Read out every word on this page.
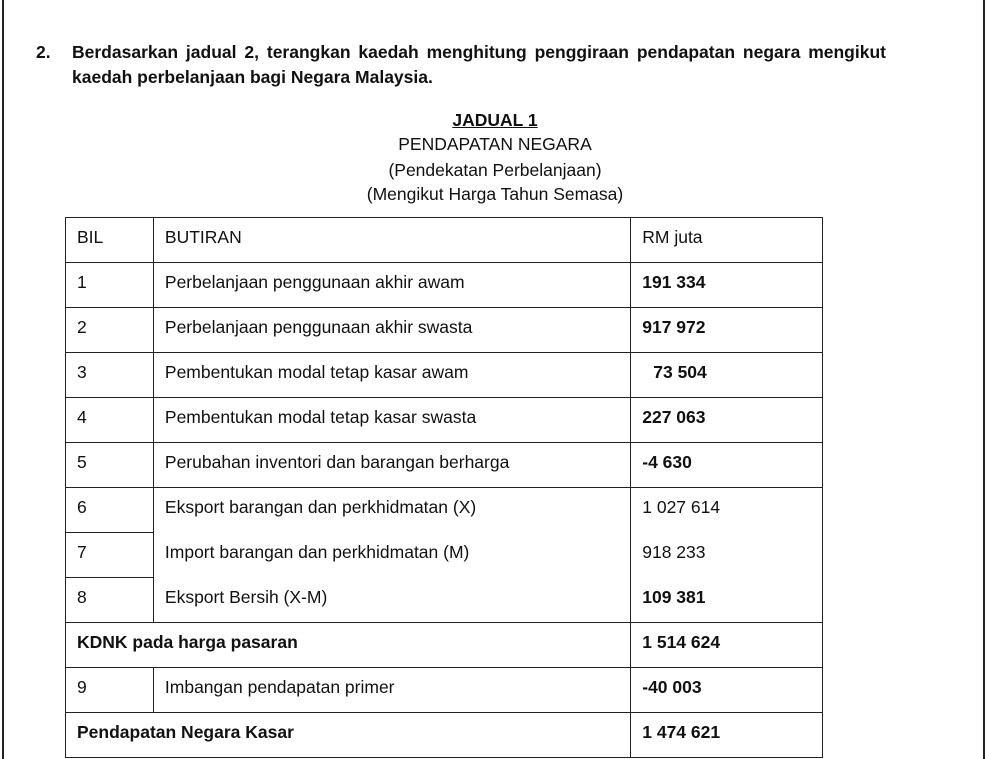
2.	Berdasarkan jadual 2, terangkan kaedah menghitung penggiraan pendapatan negara mengikut kaedah perbelanjaan bagi Negara Malaysia.
JADUAL 1
PENDAPATAN NEGARA
(Pendekatan Perbelanjaan)
(Mengikut Harga Tahun Semasa)
BIL	BUTIRAN	RM juta
1	Perbelanjaan penggunaan akhir awam	191 334
2	Perbelanjaan penggunaan akhir swasta	917 972
3	Pembentukan modal tetap kasar awam	73 504
4	Pembentukan modal tetap kasar swasta	227 063
5	Perubahan inventori dan barangan berharga	-4 630
6	Eksport barangan dan perkhidmatan (X)	1 027 614
7	Import barangan dan perkhidmatan (M)	918 233
8	Eksport Bersih (X-M)	109 381
KDNK pada harga pasaran		1 514 624
9	Imbangan pendapatan primer	-40 003
Pendapatan Negara Kasar		1 474 621
